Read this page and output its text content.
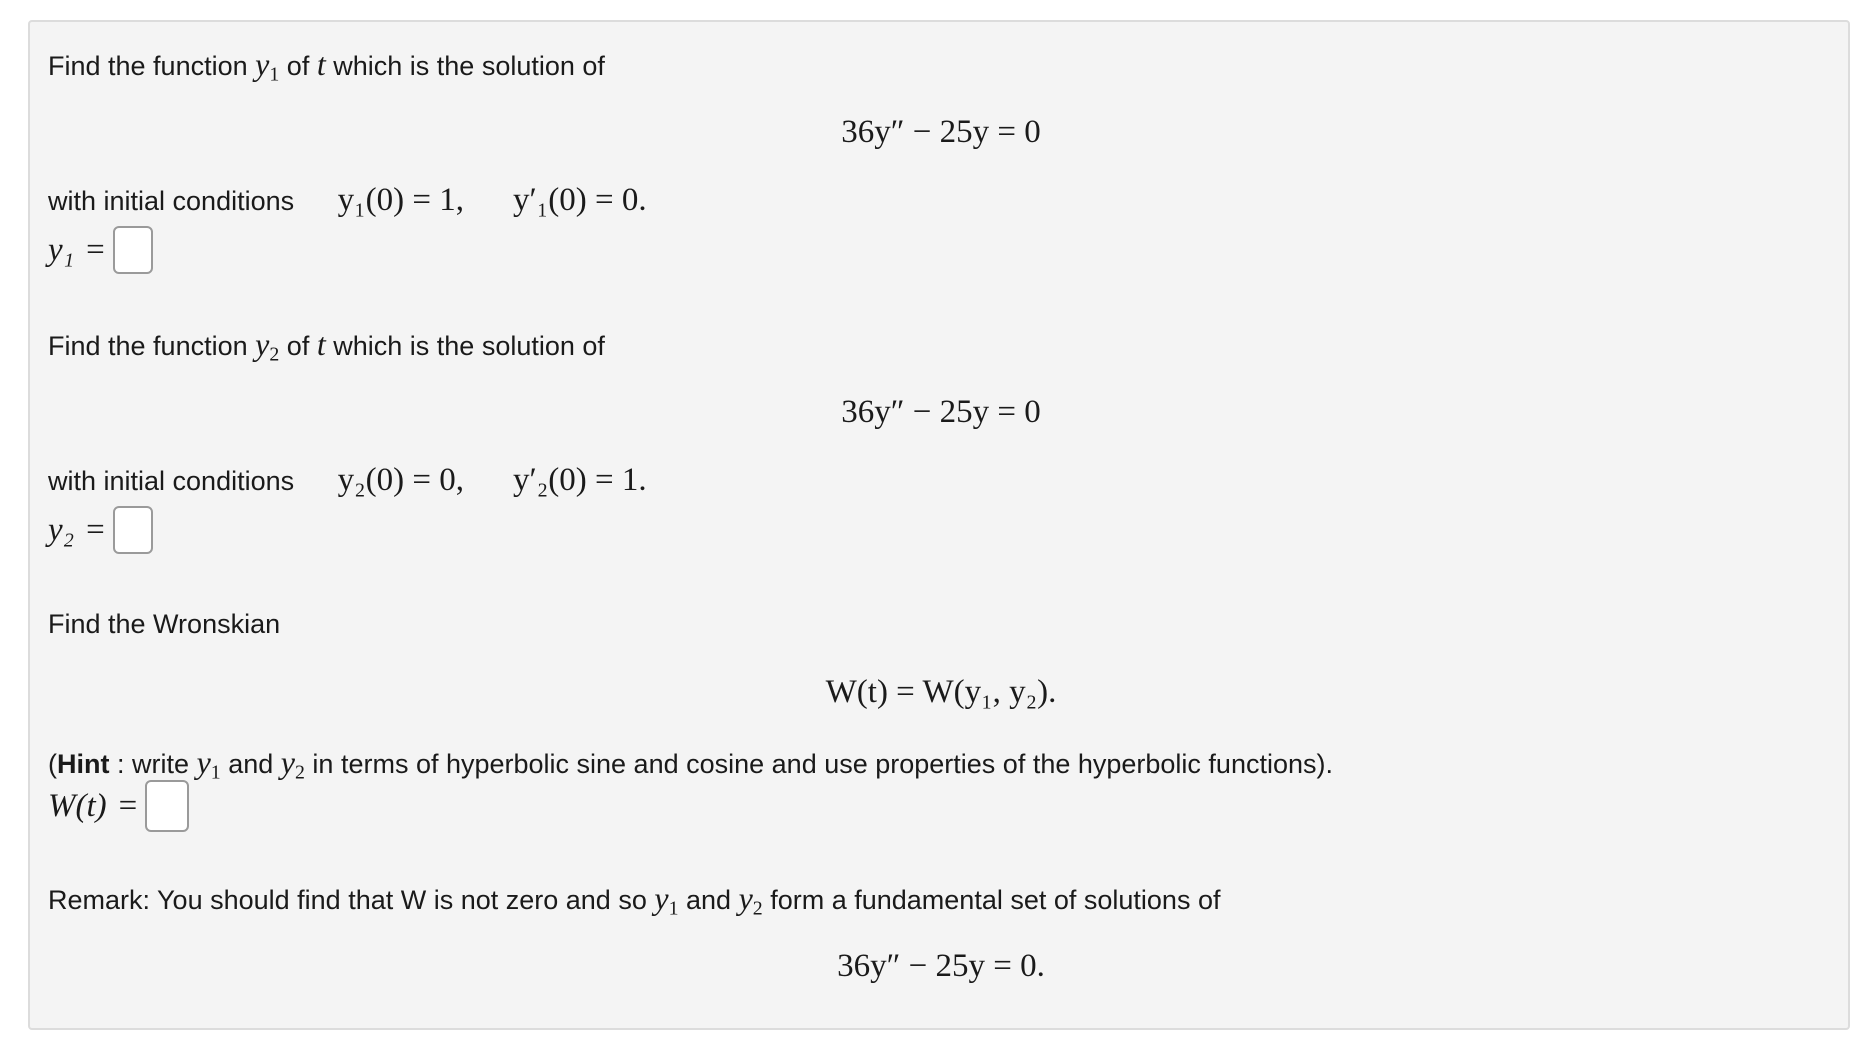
Find the function $y_1$ of t which is the solution of
36y″ − 25y = 0
with initial conditions y₁(0) = 1, y′₁(0) = 0.
y₁ =
Find the function $y_2$ of t which is the solution of
36y″ − 25y = 0
with initial conditions y₂(0) = 0, y′₂(0) = 1.
y₂ =
Find the Wronskian
W(t) = W(y₁, y₂).
(Hint : write $y_1$ and $y_2$ in terms of hyperbolic sine and cosine and use properties of the hyperbolic functions).
W(t) =
Remark: You should find that W is not zero and so $y_1$ and $y_2$ form a fundamental set of solutions of
36y″ − 25y = 0.
